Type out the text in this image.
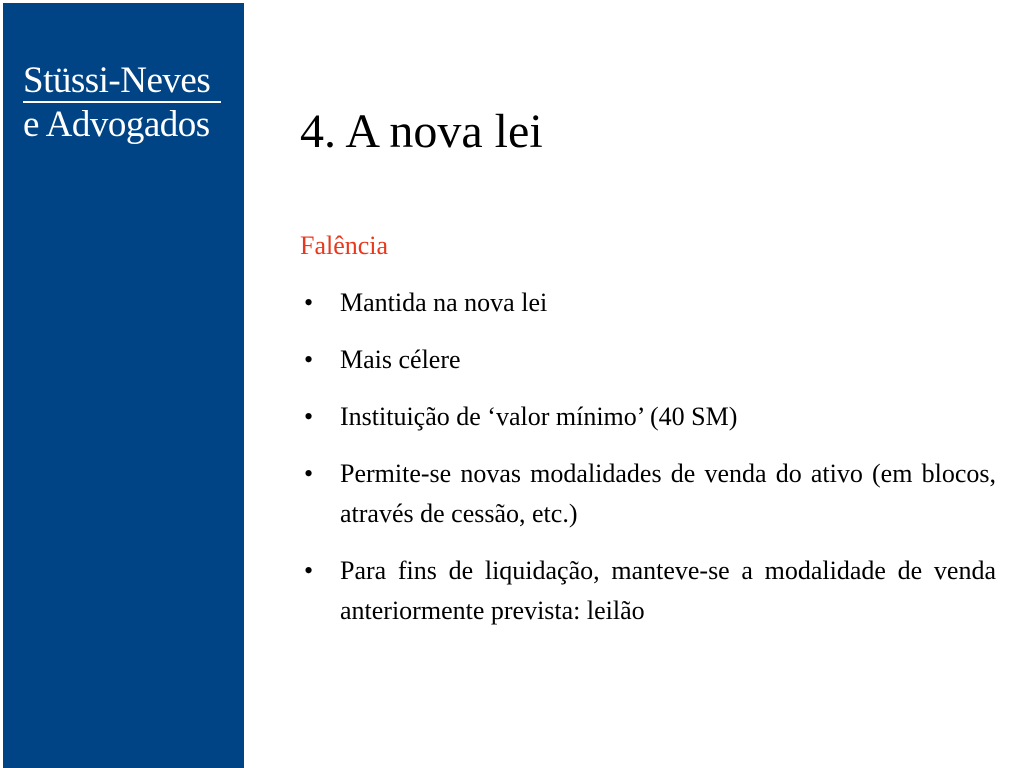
Stüssi-Neves
e Advogados 4. A nova lei
Falência
• Mantida na nova lei
• Mais célere
• Instituição de ‘valor mínimo’ (40 SM)
• Permite-se novas modalidades de venda do ativo (em blocos, através de cessão, etc.)
• Para fins de liquidação, manteve-se a modalidade de venda anteriormente prevista: leilão
